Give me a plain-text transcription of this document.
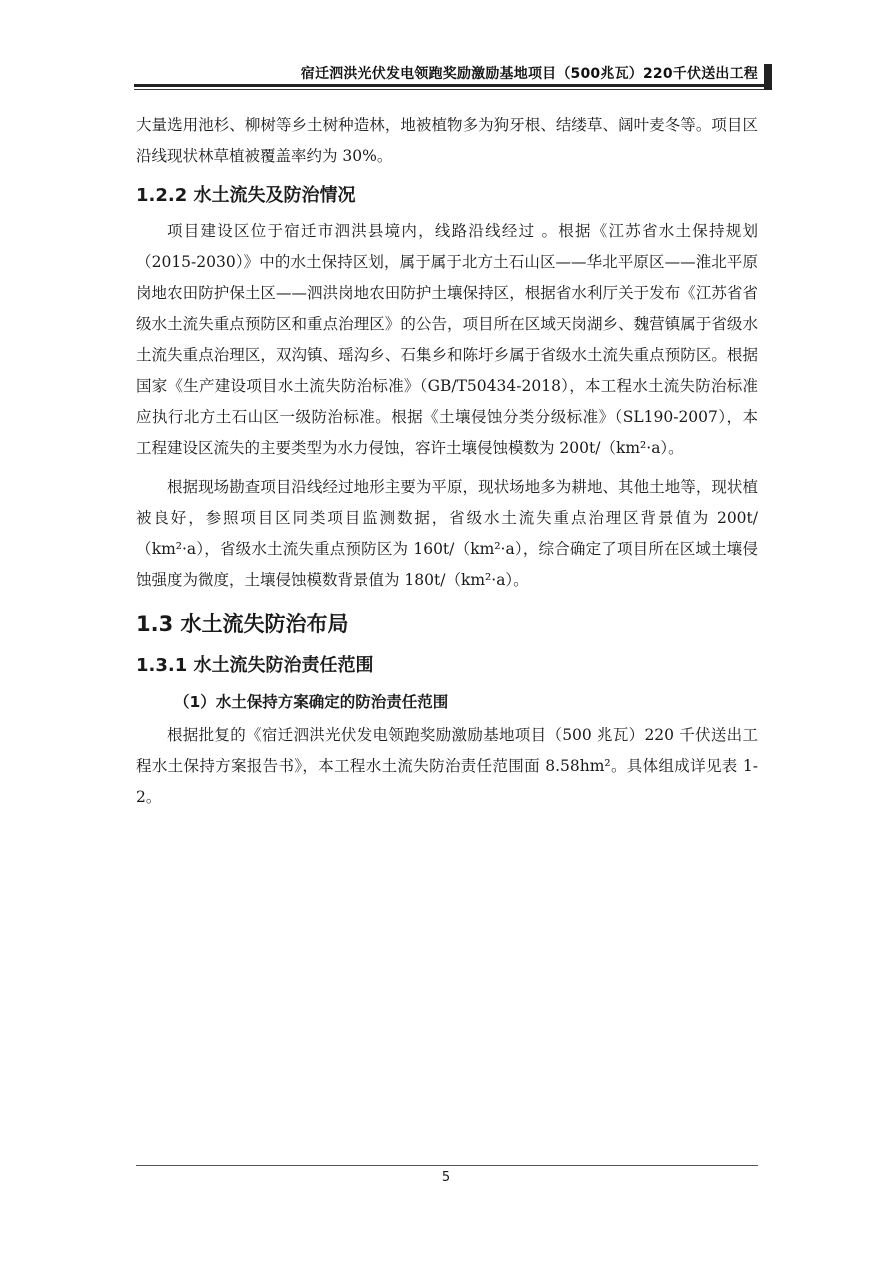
宿迁泗洪光伏发电领跑奖励激励基地项目（500兆瓦）220千伏送出工程

大量选用池杉、柳树等乡土树种造林，地被植物多为狗牙根、结缕草、阔叶麦冬等。项目区沿线现状林草植被覆盖率约为 30%。

1.2.2 水土流失及防治情况

项目建设区位于宿迁市泗洪县境内，线路沿线经过 。根据《江苏省水土保持规划（2015-2030）》中的水土保持区划，属于属于北方土石山区——华北平原区——淮北平原岗地农田防护保土区——泗洪岗地农田防护土壤保持区，根据省水利厅关于发布《江苏省省级水土流失重点预防区和重点治理区》的公告，项目所在区域天岗湖乡、魏营镇属于省级水土流失重点治理区，双沟镇、瑶沟乡、石集乡和陈圩乡属于省级水土流失重点预防区。根据国家《生产建设项目水土流失防治标准》（GB/T50434-2018），本工程水土流失防治标准应执行北方土石山区一级防治标准。根据《土壤侵蚀分类分级标准》（SL190-2007），本工程建设区流失的主要类型为水力侵蚀，容许土壤侵蚀模数为 200t/（km²·a）。

根据现场勘查项目沿线经过地形主要为平原，现状场地多为耕地、其他土地等，现状植被良好，参照项目区同类项目监测数据，省级水土流失重点治理区背景值为 200t/（km²·a），省级水土流失重点预防区为 160t/（km²·a），综合确定了项目所在区域土壤侵蚀强度为微度，土壤侵蚀模数背景值为 180t/（km²·a）。

1.3 水土流失防治布局
1.3.1 水土流失防治责任范围
（1）水土保持方案确定的防治责任范围

根据批复的《宿迁泗洪光伏发电领跑奖励激励基地项目（500 兆瓦）220 千伏送出工程水土保持方案报告书》，本工程水土流失防治责任范围面 8.58hm²。具体组成详见表 1-2。

5
